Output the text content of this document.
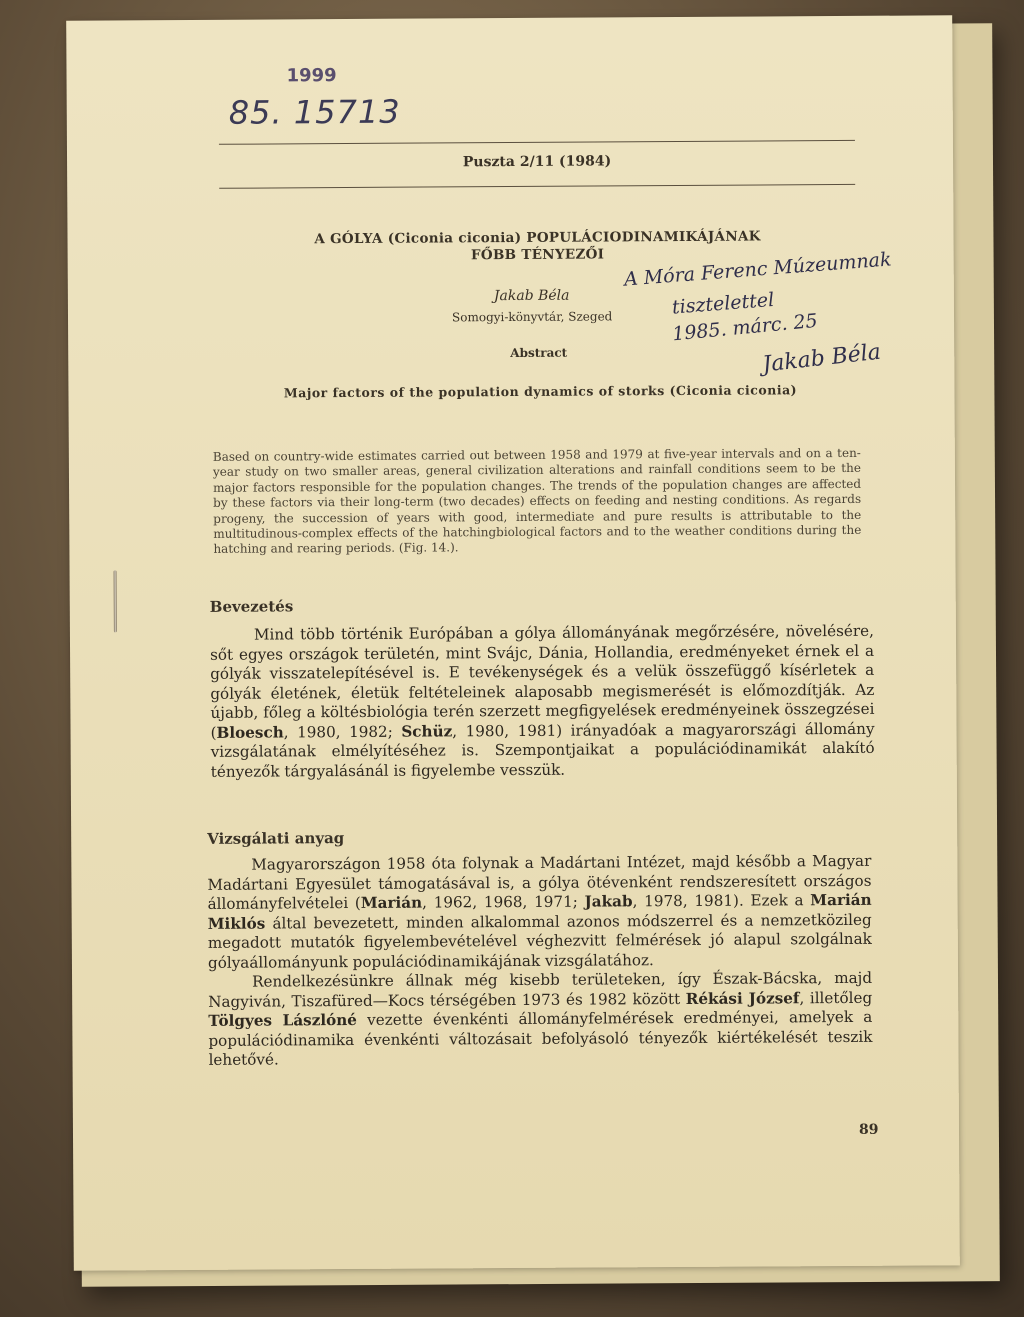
1999
85. 15713
Puszta 2/11 (1984)
A GÓLYA (Ciconia ciconia) POPULÁCIODINAMIKÁJÁNAK
FŐBB TÉNYEZŐI
Jakab Béla
Somogyi-könyvtár, Szeged
A Móra Ferenc Múzeumnak
tisztelettel
1985. márc. 25
Jakab Béla
Abstract
Major factors of the population dynamics of storks (Ciconia ciconia)

Based on country-wide estimates carried out between 1958 and 1979 at five-year intervals and on a ten-year study on two smaller areas, general civilization alterations and rainfall conditions seem to be the major factors responsible for the population changes. The trends of the population changes are affected by these factors via their long-term (two decades) effects on feeding and nesting conditions. As regards progeny, the succession of years with good, intermediate and pure results is attributable to the multitudinous-complex effects of the hatchingbiological factors and to the weather conditions during the hatching and rearing periods. (Fig. 14.).

Bevezetés

Mind több történik Európában a gólya állományának megőrzésére, növelésére, sőt egyes országok területén, mint Svájc, Dánia, Hollandia, eredményeket érnek el a gólyák visszatelepítésével is. E tevékenységek és a velük összefüggő kísérletek a gólyák életének, életük feltételeinek alaposabb megismerését is előmozdítják. Az újabb, főleg a költésbiológia terén szerzett megfigyelések eredményeinek összegzései (Bloesch, 1980, 1982; Schüz, 1980, 1981) irányadóak a magyarországi állomány vizsgálatának elmélyítéséhez is. Szempontjaikat a populációdinamikát alakító tényezők tárgyalásánál is figyelembe vesszük.

Vizsgálati anyag

Magyarországon 1958 óta folynak a Madártani Intézet, majd később a Magyar Madártani Egyesület támogatásával is, a gólya ötévenként rendszeresített országos állományfelvételei (Marián, 1962, 1968, 1971; Jakab, 1978, 1981). Ezek a Marián Miklós által bevezetett, minden alkalommal azonos módszerrel és a nemzetközileg megadott mutatók figyelembevételével véghezvitt felmérések jó alapul szolgálnak gólyaállományunk populációdinamikájának vizsgálatához.

Rendelkezésünkre állnak még kisebb területeken, így Észak-Bácska, majd Nagyiván, Tiszafüred—Kocs térségében 1973 és 1982 között Rékási József, illetőleg Tölgyes Lászlóné vezette évenkénti állományfelmérések eredményei, amelyek a populációdinamika évenkénti változásait befolyásoló tényezők kiértékelését teszik lehetővé.

89
